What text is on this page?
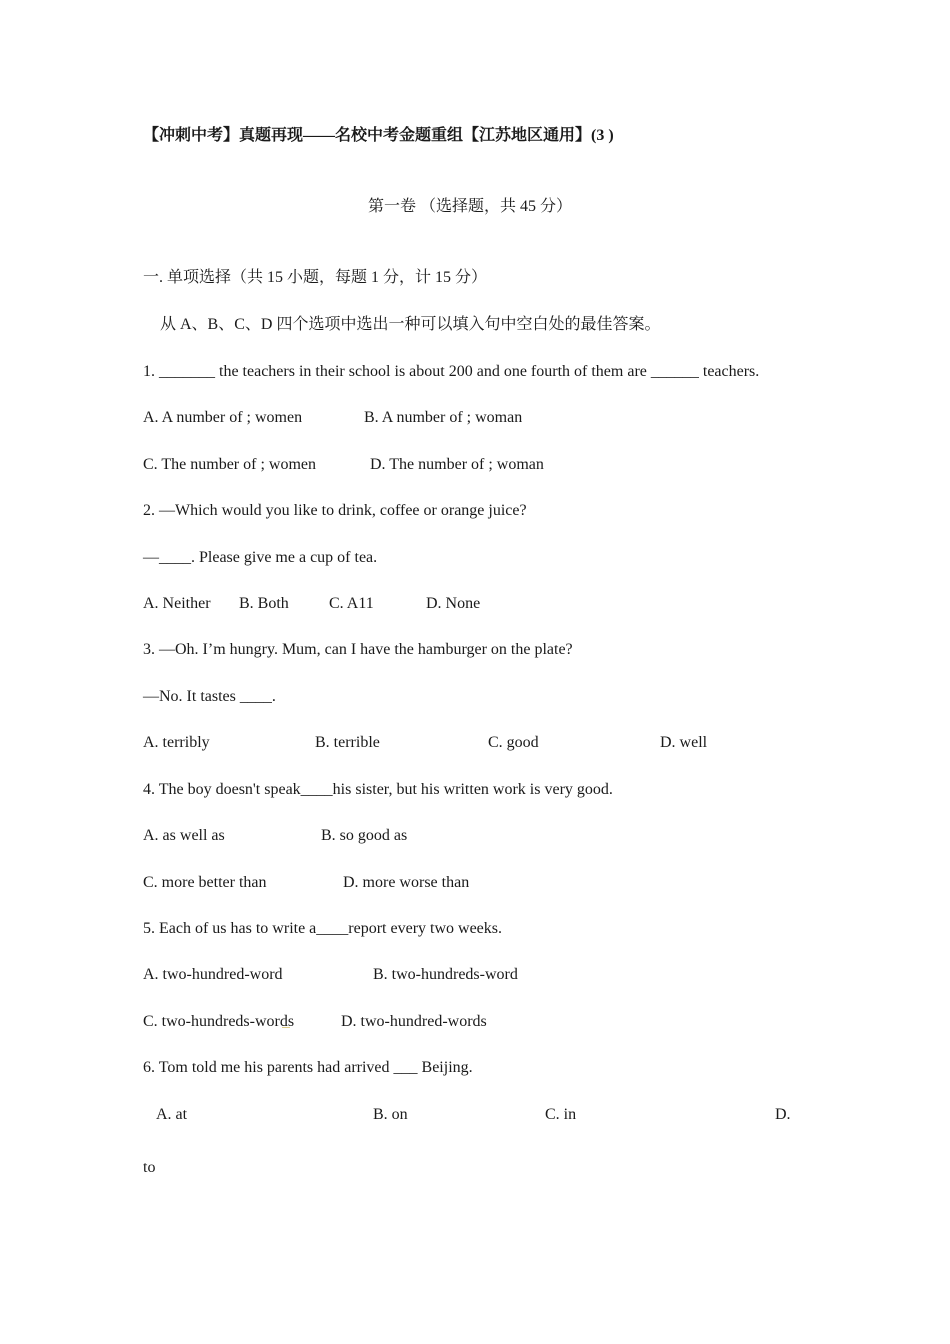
【冲刺中考】真题再现——名校中考金题重组【江苏地区通用】(3 )
第一卷 （选择题，共 45 分）
一. 单项选择（共 15 小题，每题 1 分，计 15 分）
从 A、B、C、D 四个选项中选出一种可以填入句中空白处的最佳答案。
1. _______ the teachers in their school is about 200 and one fourth of them are ______ teachers.
A. A number of ; women	B. A number of ; woman
C. The number of ; women	D. The number of ; woman
2. —Which would you like to drink, coffee or orange juice?
—____. Please give me a cup of tea.
A. Neither B. Both	C. A11	D. None
3. —Oh. I’m hungry. Mum, can I have the hamburger on the plate?
—No. It tastes ____.
A. terribly	B. terrible	C. good	D. well
4. The boy doesn't speak____his sister, but his written work is very good.
A. as well as	B. so good as
C. more better than	D. more worse than
5. Each of us has to write a____report every two weeks.
A. two-hundred-word	B. two-hundreds-word
C. two-hundreds-words	D. two-hundred-words
6. Tom told me his parents had arrived ___ Beijing.
A. at	B. on	C. in	D.
to
